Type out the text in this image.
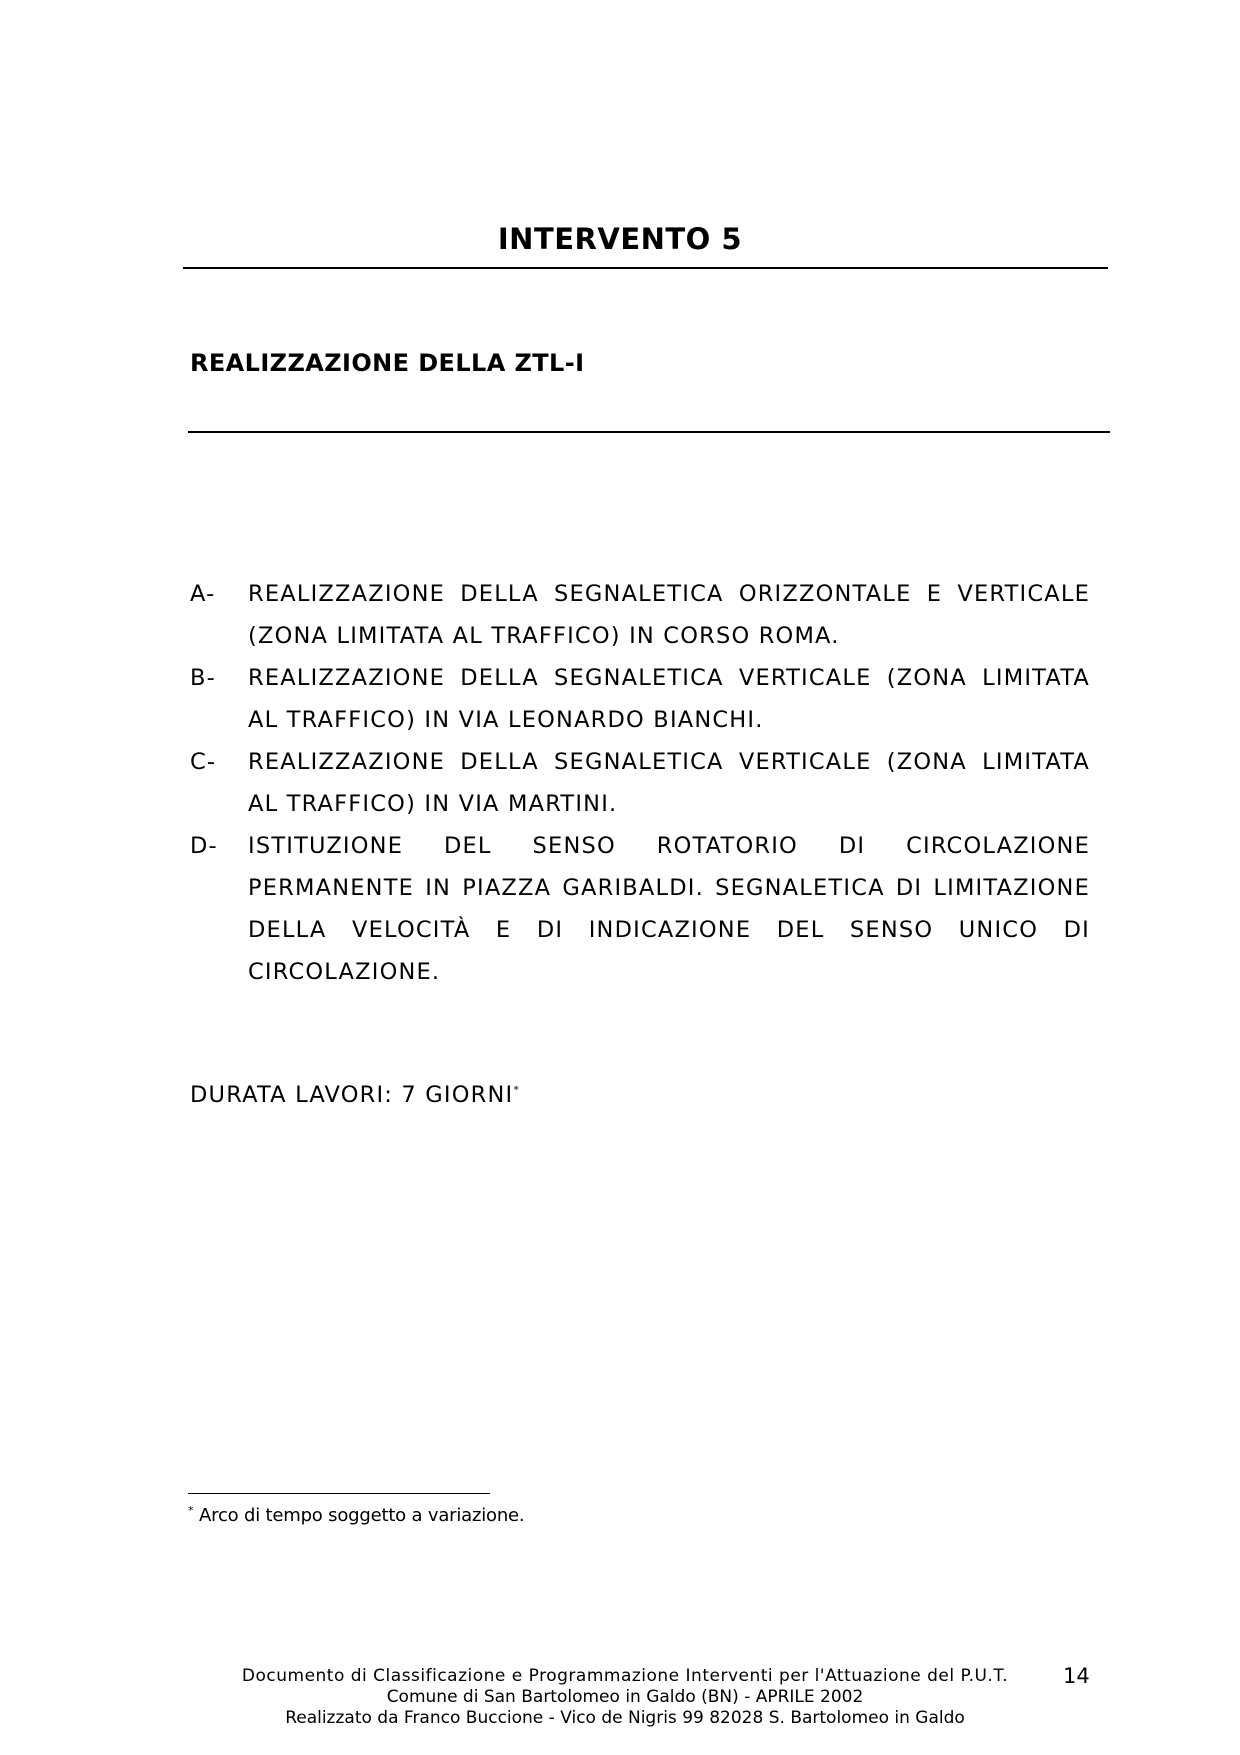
INTERVENTO 5
REALIZZAZIONE DELLA ZTL-I
A-	REALIZZAZIONE DELLA SEGNALETICA ORIZZONTALE E VERTICALE (ZONA LIMITATA AL TRAFFICO) IN CORSO ROMA.
B-	REALIZZAZIONE DELLA SEGNALETICA VERTICALE (ZONA LIMITATA AL TRAFFICO) IN VIA LEONARDO BIANCHI.
C-	REALIZZAZIONE DELLA SEGNALETICA VERTICALE (ZONA LIMITATA AL TRAFFICO) IN VIA MARTINI.
D-	ISTITUZIONE DEL SENSO ROTATORIO DI CIRCOLAZIONE PERMANENTE IN PIAZZA GARIBALDI. SEGNALETICA DI LIMITAZIONE DELLA VELOCITÀ E DI INDICAZIONE DEL SENSO UNICO DI CIRCOLAZIONE.
DURATA LAVORI: 7 GIORNI*
* Arco di tempo soggetto a variazione.
Documento di Classificazione e Programmazione Interventi per l'Attuazione del P.U.T.
Comune di San Bartolomeo in Galdo (BN) - APRILE 2002
Realizzato da Franco Buccione - Vico de Nigris 99 82028 S. Bartolomeo in Galdo
14
